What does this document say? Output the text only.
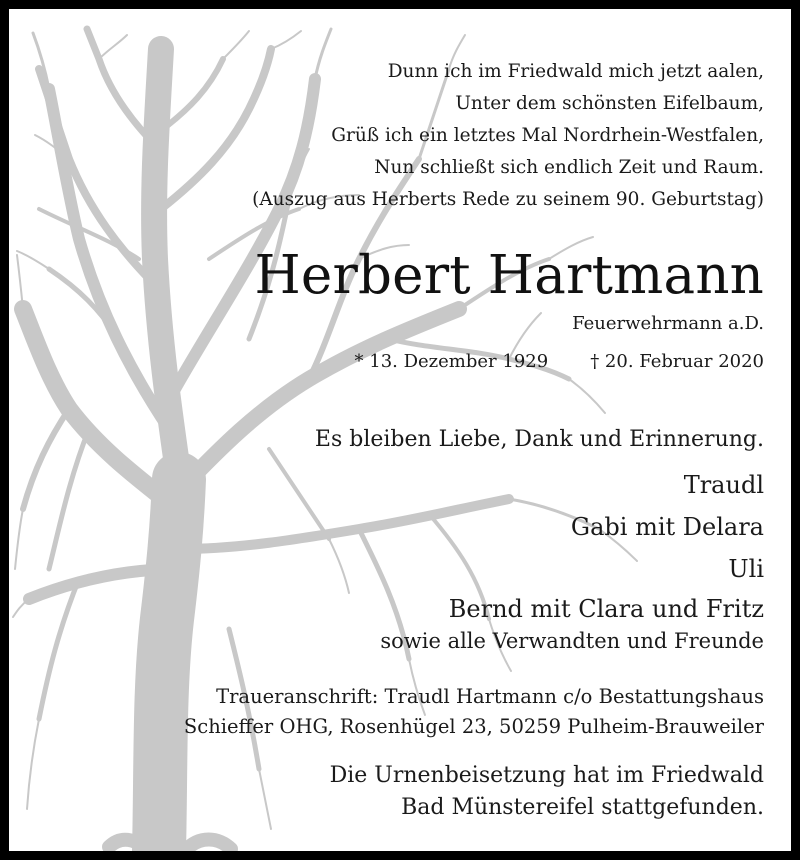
Dunn ich im Friedwald mich jetzt aalen,
Unter dem schönsten Eifelbaum,
Grüß ich ein letztes Mal Nordrhein-Westfalen,
Nun schließt sich endlich Zeit und Raum.
(Auszug aus Herberts Rede zu seinem 90. Geburtstag)
Herbert Hartmann
Feuerwehrmann a.D.
* 13. Dezember 1929 † 20. Februar 2020
Es bleiben Liebe, Dank und Erinnerung.
Traudl
Gabi mit Delara
Uli
Bernd mit Clara und Fritz
sowie alle Verwandten und Freunde
Traueranschrift: Traudl Hartmann c/o Bestattungshaus
Schieffer OHG, Rosenhügel 23, 50259 Pulheim-Brauweiler
Die Urnenbeisetzung hat im Friedwald
Bad Münstereifel stattgefunden.
